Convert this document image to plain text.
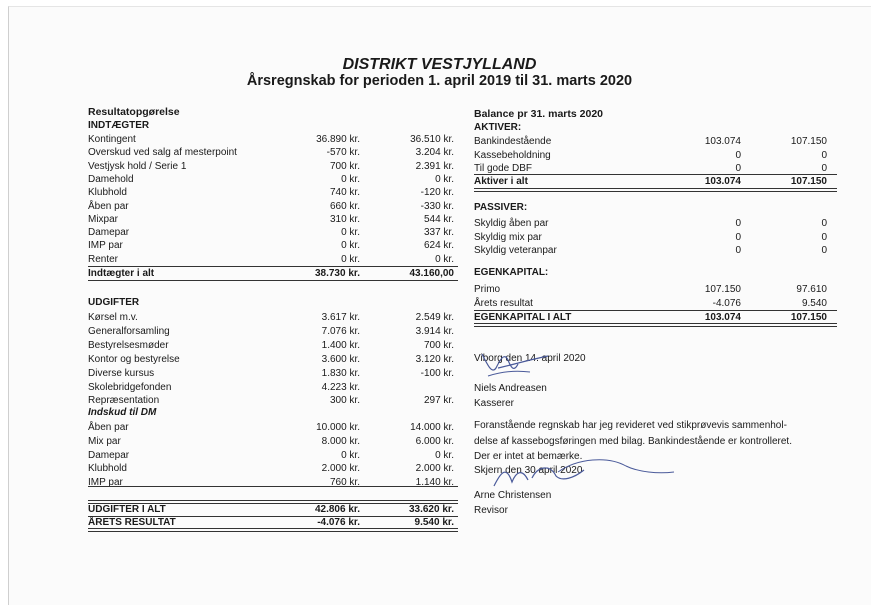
DISTRIKT VESTJYLLAND
Årsregnskab for perioden 1. april 2019 til 31. marts 2020
Resultatopgørelse
INDTÆGTER
Kontingent	36.890 kr.	36.510 kr.
Overskud ved salg af mesterpoint	-570 kr.	3.204 kr.
Vestjysk hold / Serie 1	700 kr.	2.391 kr.
Damehold	0 kr.	0 kr.
Klubhold	740 kr.	-120 kr.
Åben par	660 kr.	-330 kr.
Mixpar	310 kr.	544 kr.
Damepar	0 kr.	337 kr.
IMP par	0 kr.	624 kr.
Renter	0 kr.	0 kr.
Indtægter i alt	38.730 kr.	43.160,00
UDGIFTER
Kørsel m.v.	3.617 kr.	2.549 kr.
Generalforsamling	7.076 kr.	3.914 kr.
Bestyrelsesmøder	1.400 kr.	700 kr.
Kontor og bestyrelse	3.600 kr.	3.120 kr.
Diverse kursus	1.830 kr.	-100 kr.
Skolebridgefonden	4.223 kr.
Repræsentation	300 kr.	297 kr.
Indskud til DM
Åben par	10.000 kr.	14.000 kr.
Mix par	8.000 kr.	6.000 kr.
Damepar	0 kr.	0 kr.
Klubhold	2.000 kr.	2.000 kr.
IMP par	760 kr.	1.140 kr.
UDGIFTER I ALT	42.806 kr.	33.620 kr.
ÅRETS RESULTAT	-4.076 kr.	9.540 kr.
Balance pr 31. marts 2020
AKTIVER:
Bankindestående	103.074	107.150
Kassebeholdning	0	0
Til gode DBF	0	0
Aktiver i alt	103.074	107.150
PASSIVER:
Skyldig åben par	0	0
Skyldig mix par	0	0
Skyldig veteranpar	0	0
EGENKAPITAL:
Primo	107.150	97.610
Årets resultat	-4.076	9.540
EGENKAPITAL I ALT	103.074	107.150
Viborg den 14. april 2020
Niels Andreasen
Kasserer
Foranstående regnskab har jeg revideret ved stikprøvevis sammenhol-
delse af kassebogsføringen med bilag. Bankindestående er kontrolleret.
Der er intet at bemærke.
Skjern den 30 april 2020
Arne Christensen
Revisor
